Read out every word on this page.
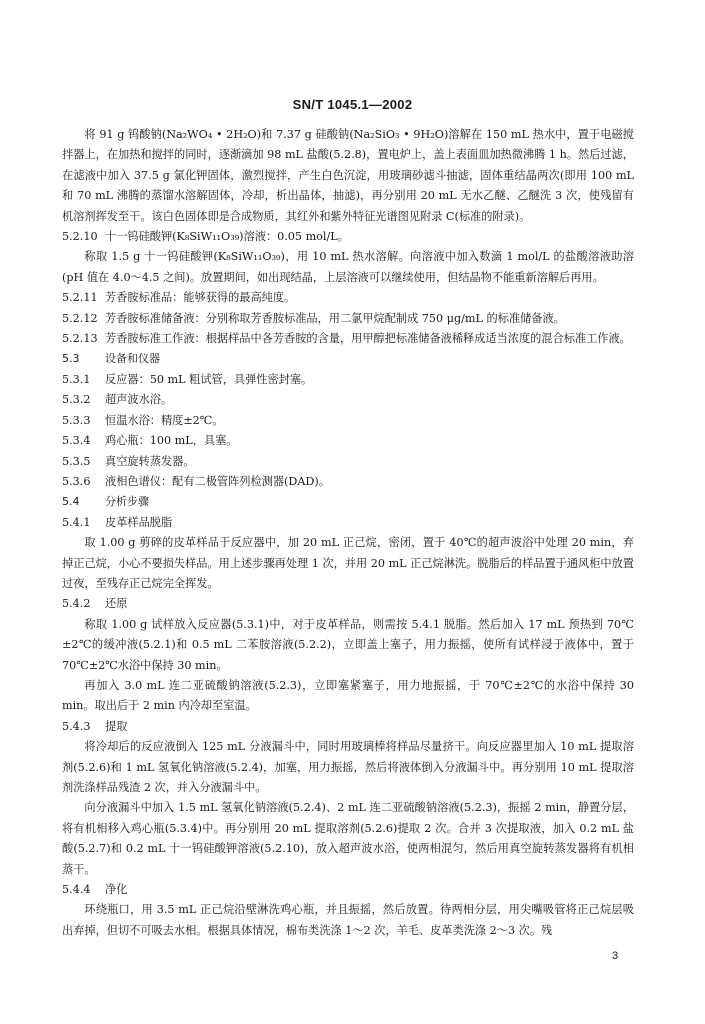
SN/T 1045.1—2002
将 91 g 钨酸钠(Na₂WO₄ • 2H₂O)和 7.37 g 硅酸钠(Na₂SiO₃ • 9H₂O)溶解在 150 mL 热水中，置于电磁搅拌器上，在加热和搅拌的同时，逐渐滴加 98 mL 盐酸(5.2.8)，置电炉上，盖上表面皿加热微沸腾 1 h。然后过滤，在滤液中加入 37.5 g 氯化钾固体，激烈搅拌，产生白色沉淀，用玻璃砂滤斗抽滤，固体重结晶两次(即用 100 mL 和 70 mL 沸腾的蒸馏水溶解固体，冷却，析出晶体，抽滤)，再分别用 20 mL 无水乙醚、乙醚洗 3 次，使残留有机溶剂挥发至干。该白色固体即是合成物质，其红外和紫外特征光谱图见附录 C(标准的附录)。
5.2.10 十一钨硅酸钾(K₈SiW₁₁O₃₉)溶液：0.05 mol/L。
称取 1.5 g 十一钨硅酸钾(K₈SiW₁₁O₃₉)，用 10 mL 热水溶解。向溶液中加入数滴 1 mol/L 的盐酸溶液助溶(pH 值在 4.0～4.5 之间)。放置期间，如出现结晶，上层溶液可以继续使用，但结晶物不能重新溶解后再用。
5.2.11 芳香胺标准品：能够获得的最高纯度。
5.2.12 芳香胺标准储备液：分别称取芳香胺标准品，用二氯甲烷配制成 750 μg/mL 的标准储备液。
5.2.13 芳香胺标准工作液：根据样品中各芳香胺的含量，用甲醇把标准储备液稀释成适当浓度的混合标准工作液。
5.3	设备和仪器
5.3.1	反应器：50 mL 粗试管，具弹性密封塞。
5.3.2	超声波水浴。
5.3.3	恒温水浴：精度±2℃。
5.3.4	鸡心瓶：100 mL，具塞。
5.3.5	真空旋转蒸发器。
5.3.6	液相色谱仪：配有二极管阵列检测器(DAD)。
5.4	分析步骤
5.4.1	皮革样品脱脂
取 1.00 g 剪碎的皮革样品于反应器中，加 20 mL 正己烷，密闭，置于 40℃的超声波浴中处理 20 min，弃掉正己烷，小心不要损失样品。用上述步骤再处理 1 次，并用 20 mL 正己烷淋洗。脱脂后的样品置于通风柜中放置过夜，至残存正己烷完全挥发。
5.4.2	还原
称取 1.00 g 试样放入反应器(5.3.1)中，对于皮革样品，则需按 5.4.1 脱脂。然后加入 17 mL 预热到 70℃±2℃的缓冲液(5.2.1)和 0.5 mL 二苯胺溶液(5.2.2)，立即盖上塞子，用力振摇，使所有试样浸于液体中，置于 70℃±2℃水浴中保持 30 min。
再加入 3.0 mL 连二亚硫酸钠溶液(5.2.3)，立即塞紧塞子，用力地振摇，于 70℃±2℃的水浴中保持 30 min。取出后于 2 min 内冷却至室温。
5.4.3	提取
将冷却后的反应液倒入 125 mL 分液漏斗中，同时用玻璃棒将样品尽量挤干。向反应器里加入 10 mL 提取溶剂(5.2.6)和 1 mL 氢氧化钠溶液(5.2.4)，加塞，用力振摇，然后将液体倒入分液漏斗中。再分别用 10 mL 提取溶剂洗涤样品残渣 2 次，并入分液漏斗中。
向分液漏斗中加入 1.5 mL 氢氧化钠溶液(5.2.4)、2 mL 连二亚硫酸钠溶液(5.2.3)，振摇 2 min，静置分层，将有机相移入鸡心瓶(5.3.4)中。再分别用 20 mL 提取溶剂(5.2.6)提取 2 次。合并 3 次提取液，加入 0.2 mL 盐酸(5.2.7)和 0.2 mL 十一钨硅酸钾溶液(5.2.10)，放入超声波水浴，使两相混匀，然后用真空旋转蒸发器将有机相蒸干。
5.4.4	净化
环绕瓶口，用 3.5 mL 正己烷沿壁淋洗鸡心瓶，并且振摇，然后放置。待两相分层，用尖嘴吸管将正己烷层吸出弃掉，但切不可吸去水相。根据具体情况，棉布类洗涤 1～2 次，羊毛、皮革类洗涤 2～3 次。残
3
